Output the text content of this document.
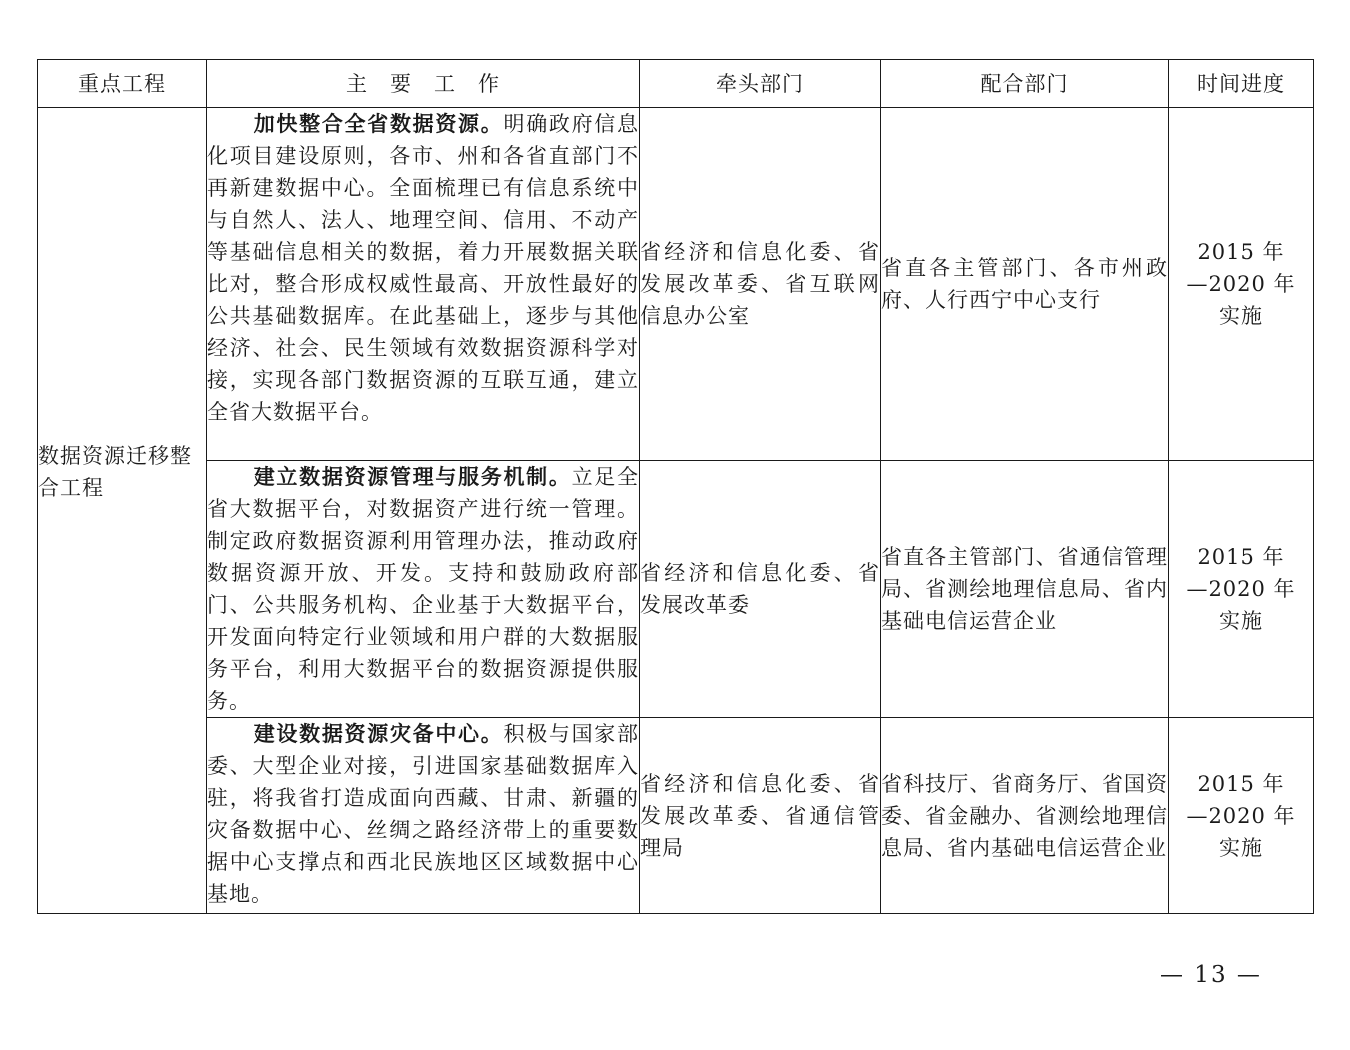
重点工程	主　要　工　作	牵头部门	配合部门	时间进度

数据资源迁移整合工程	加快整合全省数据资源。明确政府信息化项目建设原则，各市、州和各省直部门不再新建数据中心。全面梳理已有信息系统中与自然人、法人、地理空间、信用、不动产等基础信息相关的数据，着力开展数据关联比对，整合形成权威性最高、开放性最好的公共基础数据库。在此基础上，逐步与其他经济、社会、民生领域有效数据资源科学对接，实现各部门数据资源的互联互通，建立全省大数据平台。	省经济和信息化委、省发展改革委、省互联网信息办公室	省直各主管部门、各市州政府、人行西宁中心支行	2015 年
—2020 年
实施

	建立数据资源管理与服务机制。立足全省大数据平台，对数据资产进行统一管理。制定政府数据资源利用管理办法，推动政府数据资源开放、开发。支持和鼓励政府部门、公共服务机构、企业基于大数据平台，开发面向特定行业领域和用户群的大数据服务平台，利用大数据平台的数据资源提供服务。	省经济和信息化委、省发展改革委	省直各主管部门、省通信管理局、省测绘地理信息局、省内基础电信运营企业	2015 年
—2020 年
实施

	建设数据资源灾备中心。积极与国家部委、大型企业对接，引进国家基础数据库入驻，将我省打造成面向西藏、甘肃、新疆的灾备数据中心、丝绸之路经济带上的重要数据中心支撑点和西北民族地区区域数据中心基地。	省经济和信息化委、省发展改革委、省通信管理局	省科技厅、省商务厅、省国资委、省金融办、省测绘地理信息局、省内基础电信运营企业	2015 年
—2020 年
实施
— 13 —
